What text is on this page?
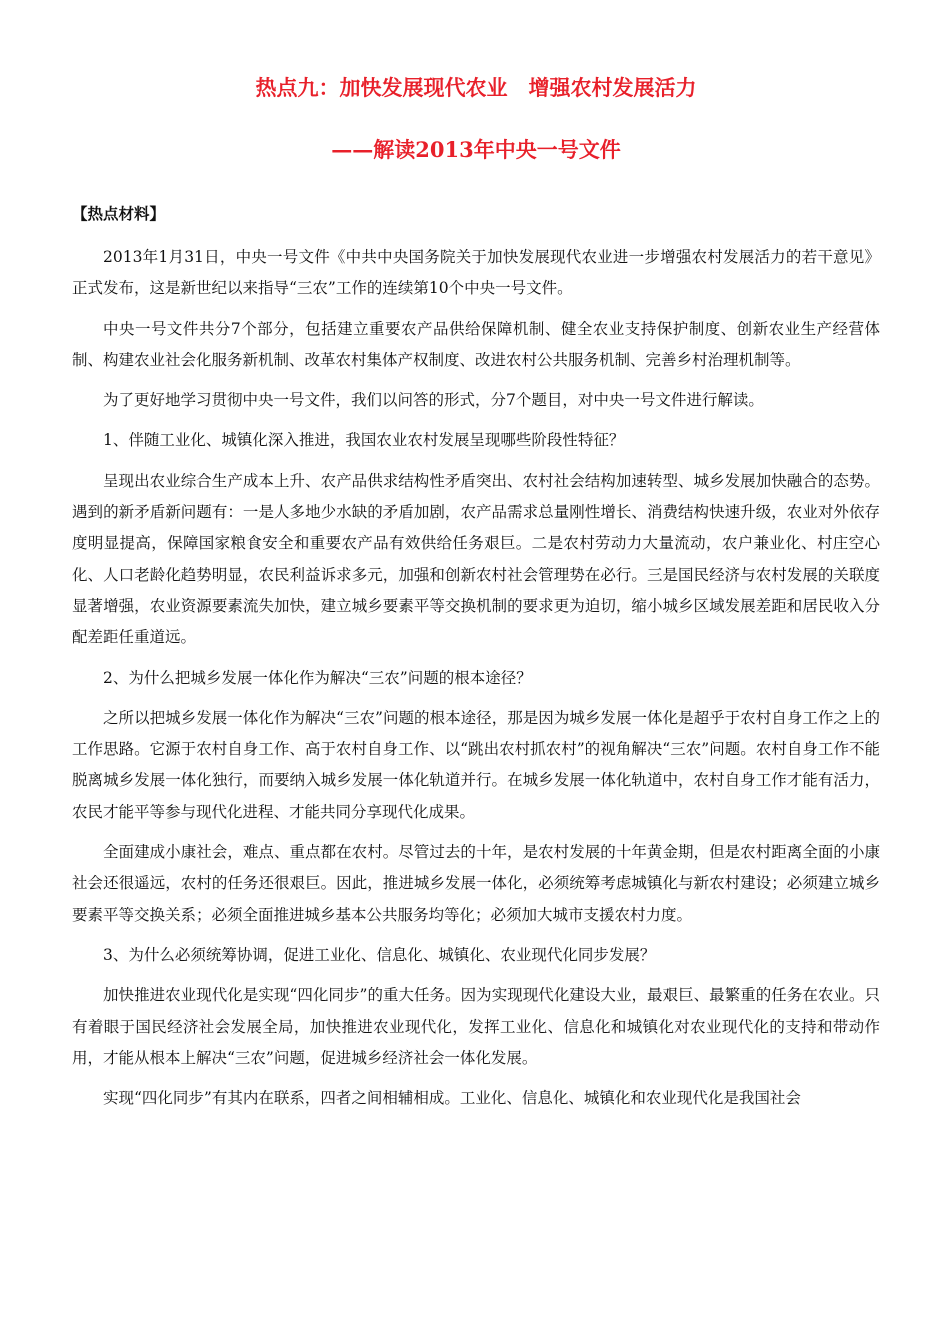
热点九：加快发展现代农业　增强农村发展活力
——解读2013年中央一号文件

【热点材料】

2013年1月31日，中央一号文件《中共中央国务院关于加快发展现代农业进一步增强农村发展活力的若干意见》正式发布，这是新世纪以来指导“三农”工作的连续第10个中央一号文件。

中央一号文件共分7个部分，包括建立重要农产品供给保障机制、健全农业支持保护制度、创新农业生产经营体制、构建农业社会化服务新机制、改革农村集体产权制度、改进农村公共服务机制、完善乡村治理机制等。

为了更好地学习贯彻中央一号文件，我们以问答的形式，分7个题目，对中央一号文件进行解读。

1、伴随工业化、城镇化深入推进，我国农业农村发展呈现哪些阶段性特征？

呈现出农业综合生产成本上升、农产品供求结构性矛盾突出、农村社会结构加速转型、城乡发展加快融合的态势。遇到的新矛盾新问题有：一是人多地少水缺的矛盾加剧，农产品需求总量刚性增长、消费结构快速升级，农业对外依存度明显提高，保障国家粮食安全和重要农产品有效供给任务艰巨。二是农村劳动力大量流动，农户兼业化、村庄空心化、人口老龄化趋势明显，农民利益诉求多元，加强和创新农村社会管理势在必行。三是国民经济与农村发展的关联度显著增强，农业资源要素流失加快，建立城乡要素平等交换机制的要求更为迫切，缩小城乡区域发展差距和居民收入分配差距任重道远。

2、为什么把城乡发展一体化作为解决“三农”问题的根本途径？

之所以把城乡发展一体化作为解决“三农”问题的根本途径，那是因为城乡发展一体化是超乎于农村自身工作之上的工作思路。它源于农村自身工作、高于农村自身工作、以“跳出农村抓农村”的视角解决“三农”问题。农村自身工作不能脱离城乡发展一体化独行，而要纳入城乡发展一体化轨道并行。在城乡发展一体化轨道中，农村自身工作才能有活力，农民才能平等参与现代化进程、才能共同分享现代化成果。

全面建成小康社会，难点、重点都在农村。尽管过去的十年，是农村发展的十年黄金期，但是农村距离全面的小康社会还很遥远，农村的任务还很艰巨。因此，推进城乡发展一体化，必须统筹考虑城镇化与新农村建设；必须建立城乡要素平等交换关系；必须全面推进城乡基本公共服务均等化；必须加大城市支援农村力度。

3、为什么必须统筹协调，促进工业化、信息化、城镇化、农业现代化同步发展？

加快推进农业现代化是实现“四化同步”的重大任务。因为实现现代化建设大业，最艰巨、最繁重的任务在农业。只有着眼于国民经济社会发展全局，加快推进农业现代化，发挥工业化、信息化和城镇化对农业现代化的支持和带动作用，才能从根本上解决“三农”问题，促进城乡经济社会一体化发展。

实现“四化同步”有其内在联系，四者之间相辅相成。工业化、信息化、城镇化和农业现代化是我国社会
